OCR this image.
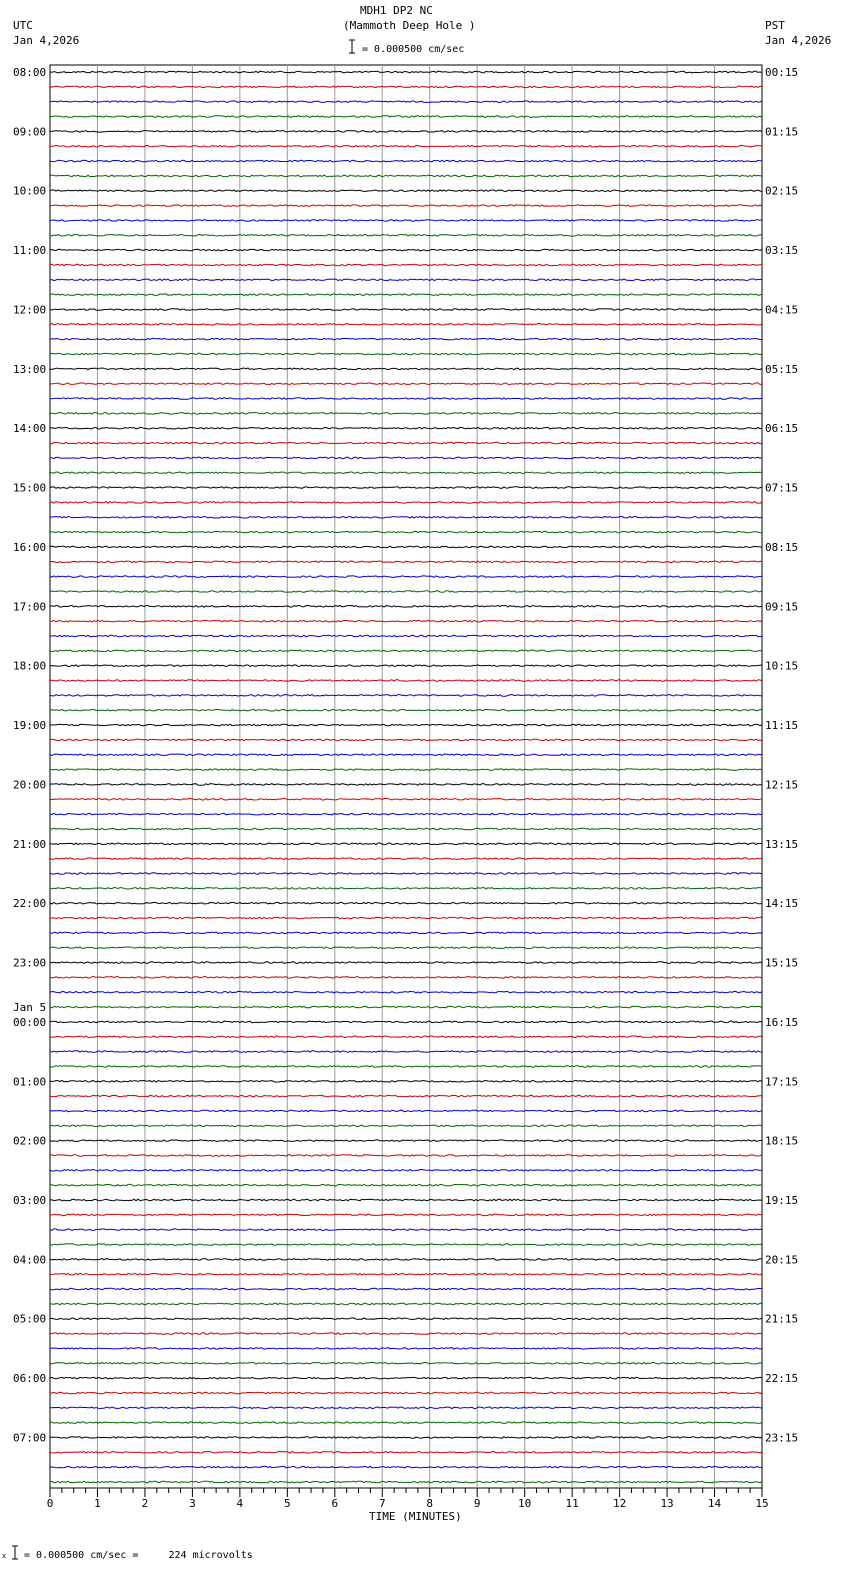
MDH1 DP2 NC
(Mammoth Deep Hole )
UTC
Jan 4,2026
PST
Jan 4,2026
= 0.000500 cm/sec
= 0.000500 cm/sec =     224 microvolts
TIME (MINUTES)
x
08:00
09:00
10:00
11:00
12:00
13:00
14:00
15:00
16:00
17:00
18:00
19:00
20:00
21:00
22:00
23:00
00:00
Jan 5
01:00
02:00
03:00
04:00
05:00
06:00
07:00
00:15
01:15
02:15
03:15
04:15
05:15
06:15
07:15
08:15
09:15
10:15
11:15
12:15
13:15
14:15
15:15
16:15
17:15
18:15
19:15
20:15
21:15
22:15
23:15
0	1	2	3	4	5	6	7	8	9	10	11	12	13	14	15
